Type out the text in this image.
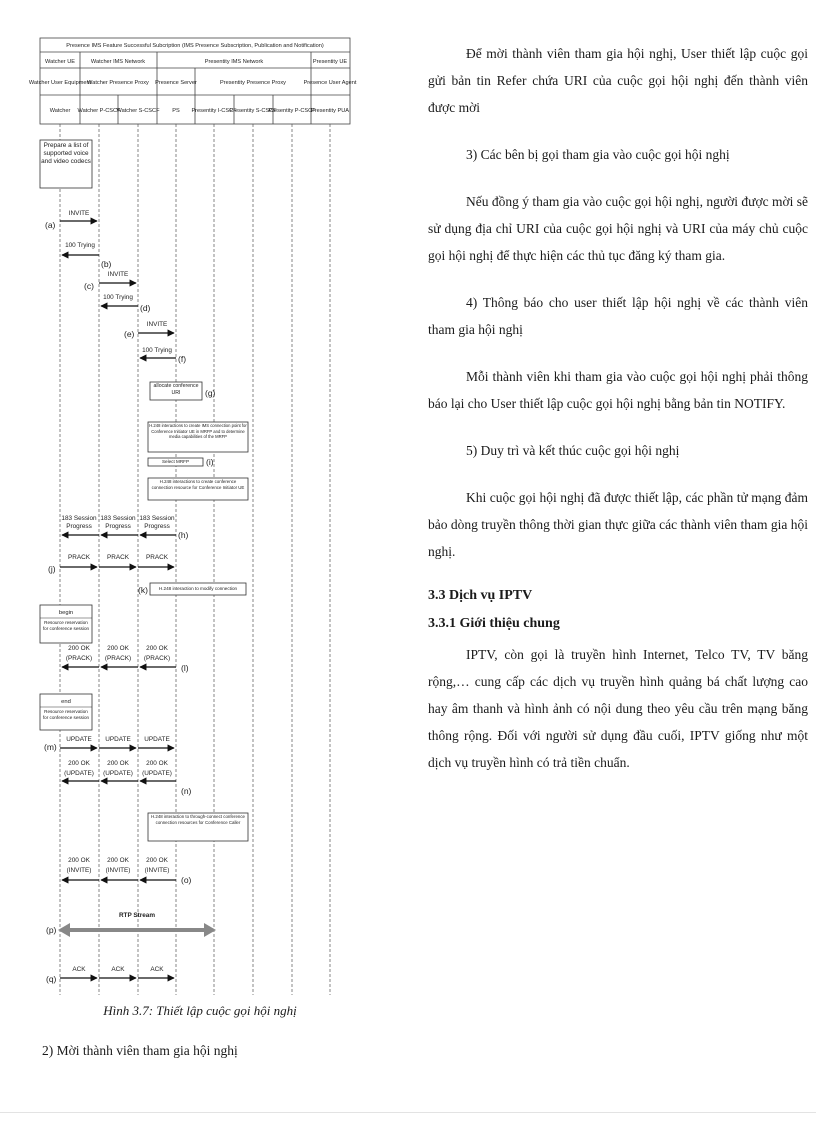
Presence IMS Feature Successful Subcription (IMS Presence Subscription, Publication and Notification)
Watcher UE	Watcher IMS Network	Presentity IMS Network	Presentity UE
Watcher User Equipment
Watcher Presence Proxy Presence Server	Presentity Presence Proxy	Presence User Agent
Watcher Watcher P-CSCF
Watcher S-CSCF PS Presentity I-CSCF
Presentity S-CSCF
Presentity P-CSCF
Presentity PUA
Prepare a list of supported voice and video codecs
allocate conference URI
H.248 interactions to create IMS connection point for Conference Initiator UE in MRFP and to determine media capabilities of the MRFP
Select MRFP
H.248 interactions to create conference connection resource for Conference Initiator UE
H.248 interaction to modify connection
begin
Resource reservation for conference session
end
Resource reservation for conference session
H.248 interaction to through-connect conference connection resources for Conference Caller
INVITE
100 Trying
INVITE
100 Trying
INVITE
100 Trying
183 Session
Progress
183 Session
Progress
183 Session
Progress
PRACK	PRACK	PRACK
200 OK
(PRACK)
200 OK
(PRACK)
200 OK
(PRACK)
UPDATE UPDATE UPDATE
200 OK
(UPDATE)
200 OK
(UPDATE)
200 OK
(UPDATE)
200 OK
(INVITE)
200 OK
(INVITE)
200 OK
(INVITE)
RTP Stream
ACK	ACK	ACK
(a)
(b)
(c)
(d)
(e)
(f)
(g)
(i)
(h)
(j)
(k)
(l)
(m)
(n)
(o)
(p)
(q)
Hình 3.7: Thiết lập cuộc gọi hội nghị
2) Mời thành viên tham gia hội nghị

Để mời thành viên tham gia hội nghị, User thiết lập cuộc gọi gửi bản tin Refer chứa URI của cuộc gọi hội nghị đến thành viên được mời

3) Các bên bị gọi tham gia vào cuộc gọi hội nghị

Nếu đồng ý tham gia vào cuộc gọi hội nghị, người được mời sẽ sử dụng địa chỉ URI của cuộc gọi hội nghị và URI của máy chủ cuộc gọi hội nghị để thực hiện các thủ tục đăng ký tham gia.

4) Thông báo cho user thiết lập hội nghị về các thành viên tham gia hội nghị

Mỗi thành viên khi tham gia vào cuộc gọi hội nghị phải thông báo lại cho User thiết lập cuộc gọi hội nghị bằng bản tin NOTIFY.

5) Duy trì và kết thúc cuộc gọi hội nghị

Khi cuộc gọi hội nghị đã được thiết lập, các phần tử mạng đảm bảo dòng truyền thông thời gian thực giữa các thành viên tham gia hội nghị.

3.3 Dịch vụ IPTV
3.3.1 Giới thiệu chung

IPTV, còn gọi là truyền hình Internet, Telco TV, TV băng rộng,… cung cấp các dịch vụ truyền hình quảng bá chất lượng cao hay âm thanh và hình ảnh có nội dung theo yêu cầu trên mạng băng thông rộng. Đối với người sử dụng đầu cuối, IPTV giống như một dịch vụ truyền hình có trả tiền chuẩn.
